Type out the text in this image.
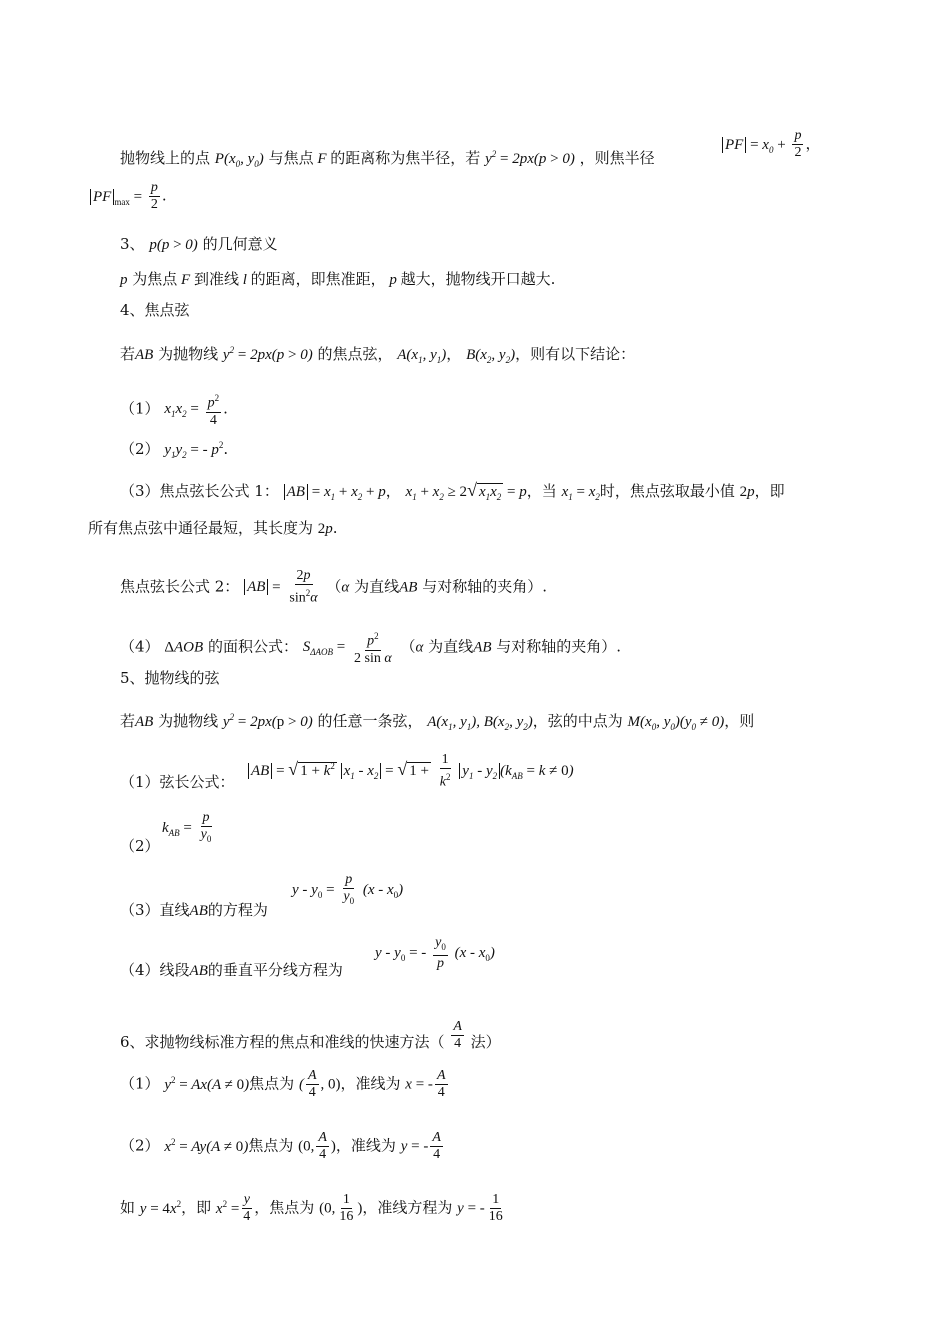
抛物线上的点 $P(x_0$, $y_0$) 与焦点 F 的距离称为焦半径，若 $y^2 = 2px(p > 0)$ ，则焦半径
PF = $x_0 + \frac{p}{2}$ ，
PF $_{max} = \frac{p}{2}$ .
3、 p(p > 0) 的几何意义
p 为焦点 F 到准线 l 的距离，即焦准距， p 越大，抛物线开口越大.
4、焦点弦
若AB 为抛物线 $y^2 = 2px(p > 0)$ 的焦点弦， $A(x_1$, $y_1$)， $B(x_2$, $y_2$)，则有以下结论：
（1） $x_1x_2 = \frac{p^2}{4}$ .
（2） $y_1y_2$ = - $p^2$.
（3）焦点弦长公式 1： AB = $x_1 + x_2 + p$， $x_1 + x_2 \ge 2√$ $x_1x_2 = p$，当 $x_1 = x_2$时，焦点弦取最小值 2p，即
所有焦点弦中通径最短，其长度为 2p.
焦点弦长公式 2： AB = $\frac{2p}{\sin^2\alpha} (\alpha$ 为直线AB 与对称轴的夹角）.
（4） ΔAOB 的面积公式： $S_{\Delta AOB} = \frac{p^2}{\text{2 sin α}} (\alpha$ 为直线AB 与对称轴的夹角）.
5、抛物线的弦
若AB 为抛物线 $y^2 = 2px(p > 0)$ 的任意一条弦， $A(x_1$, $y_1$), $B(x_2$, $y_2$)，弦的中点为 $M(x_0$, $y_0)(y_0 \ne 0)$，则
（1）弦长公式：
AB = √ $1 + k^2$ $x_1 - x_2$ = √ $1 + \frac{1}{k^2} y_1 - y_2$ $(k_{AB} = k \ne 0)$
（2）
$k_{AB} = \frac{p}{y_0}$
（3）直线AB的方程为
$y - y_0 = \frac{p}{y_0} (x - x_0)$
（4）线段AB的垂直平分线方程为
y - $y_0$ = - $\frac{y_0}{p} (x - x_0)$
6、求抛物线标准方程的焦点和准线的快速方法（ $\frac{A}{4}$ 法）
（1） $y^2 = Ax(A \ne 0)$焦点为 ( $\frac{A}{4}$ , 0)，准线为 x = - $\frac{A}{4}$
（2） $x^2 = Ay(A \ne 0)$焦点为 (0, $\frac{A}{4}$ )，准线为 y = - $\frac{A}{4}$
如 $y = 4x^2$，即 $x^2 = \frac{y}{4}$ ，焦点为 (0, $\frac{1}{16}$ )，准线方程为 y = - $\frac{1}{16}$
